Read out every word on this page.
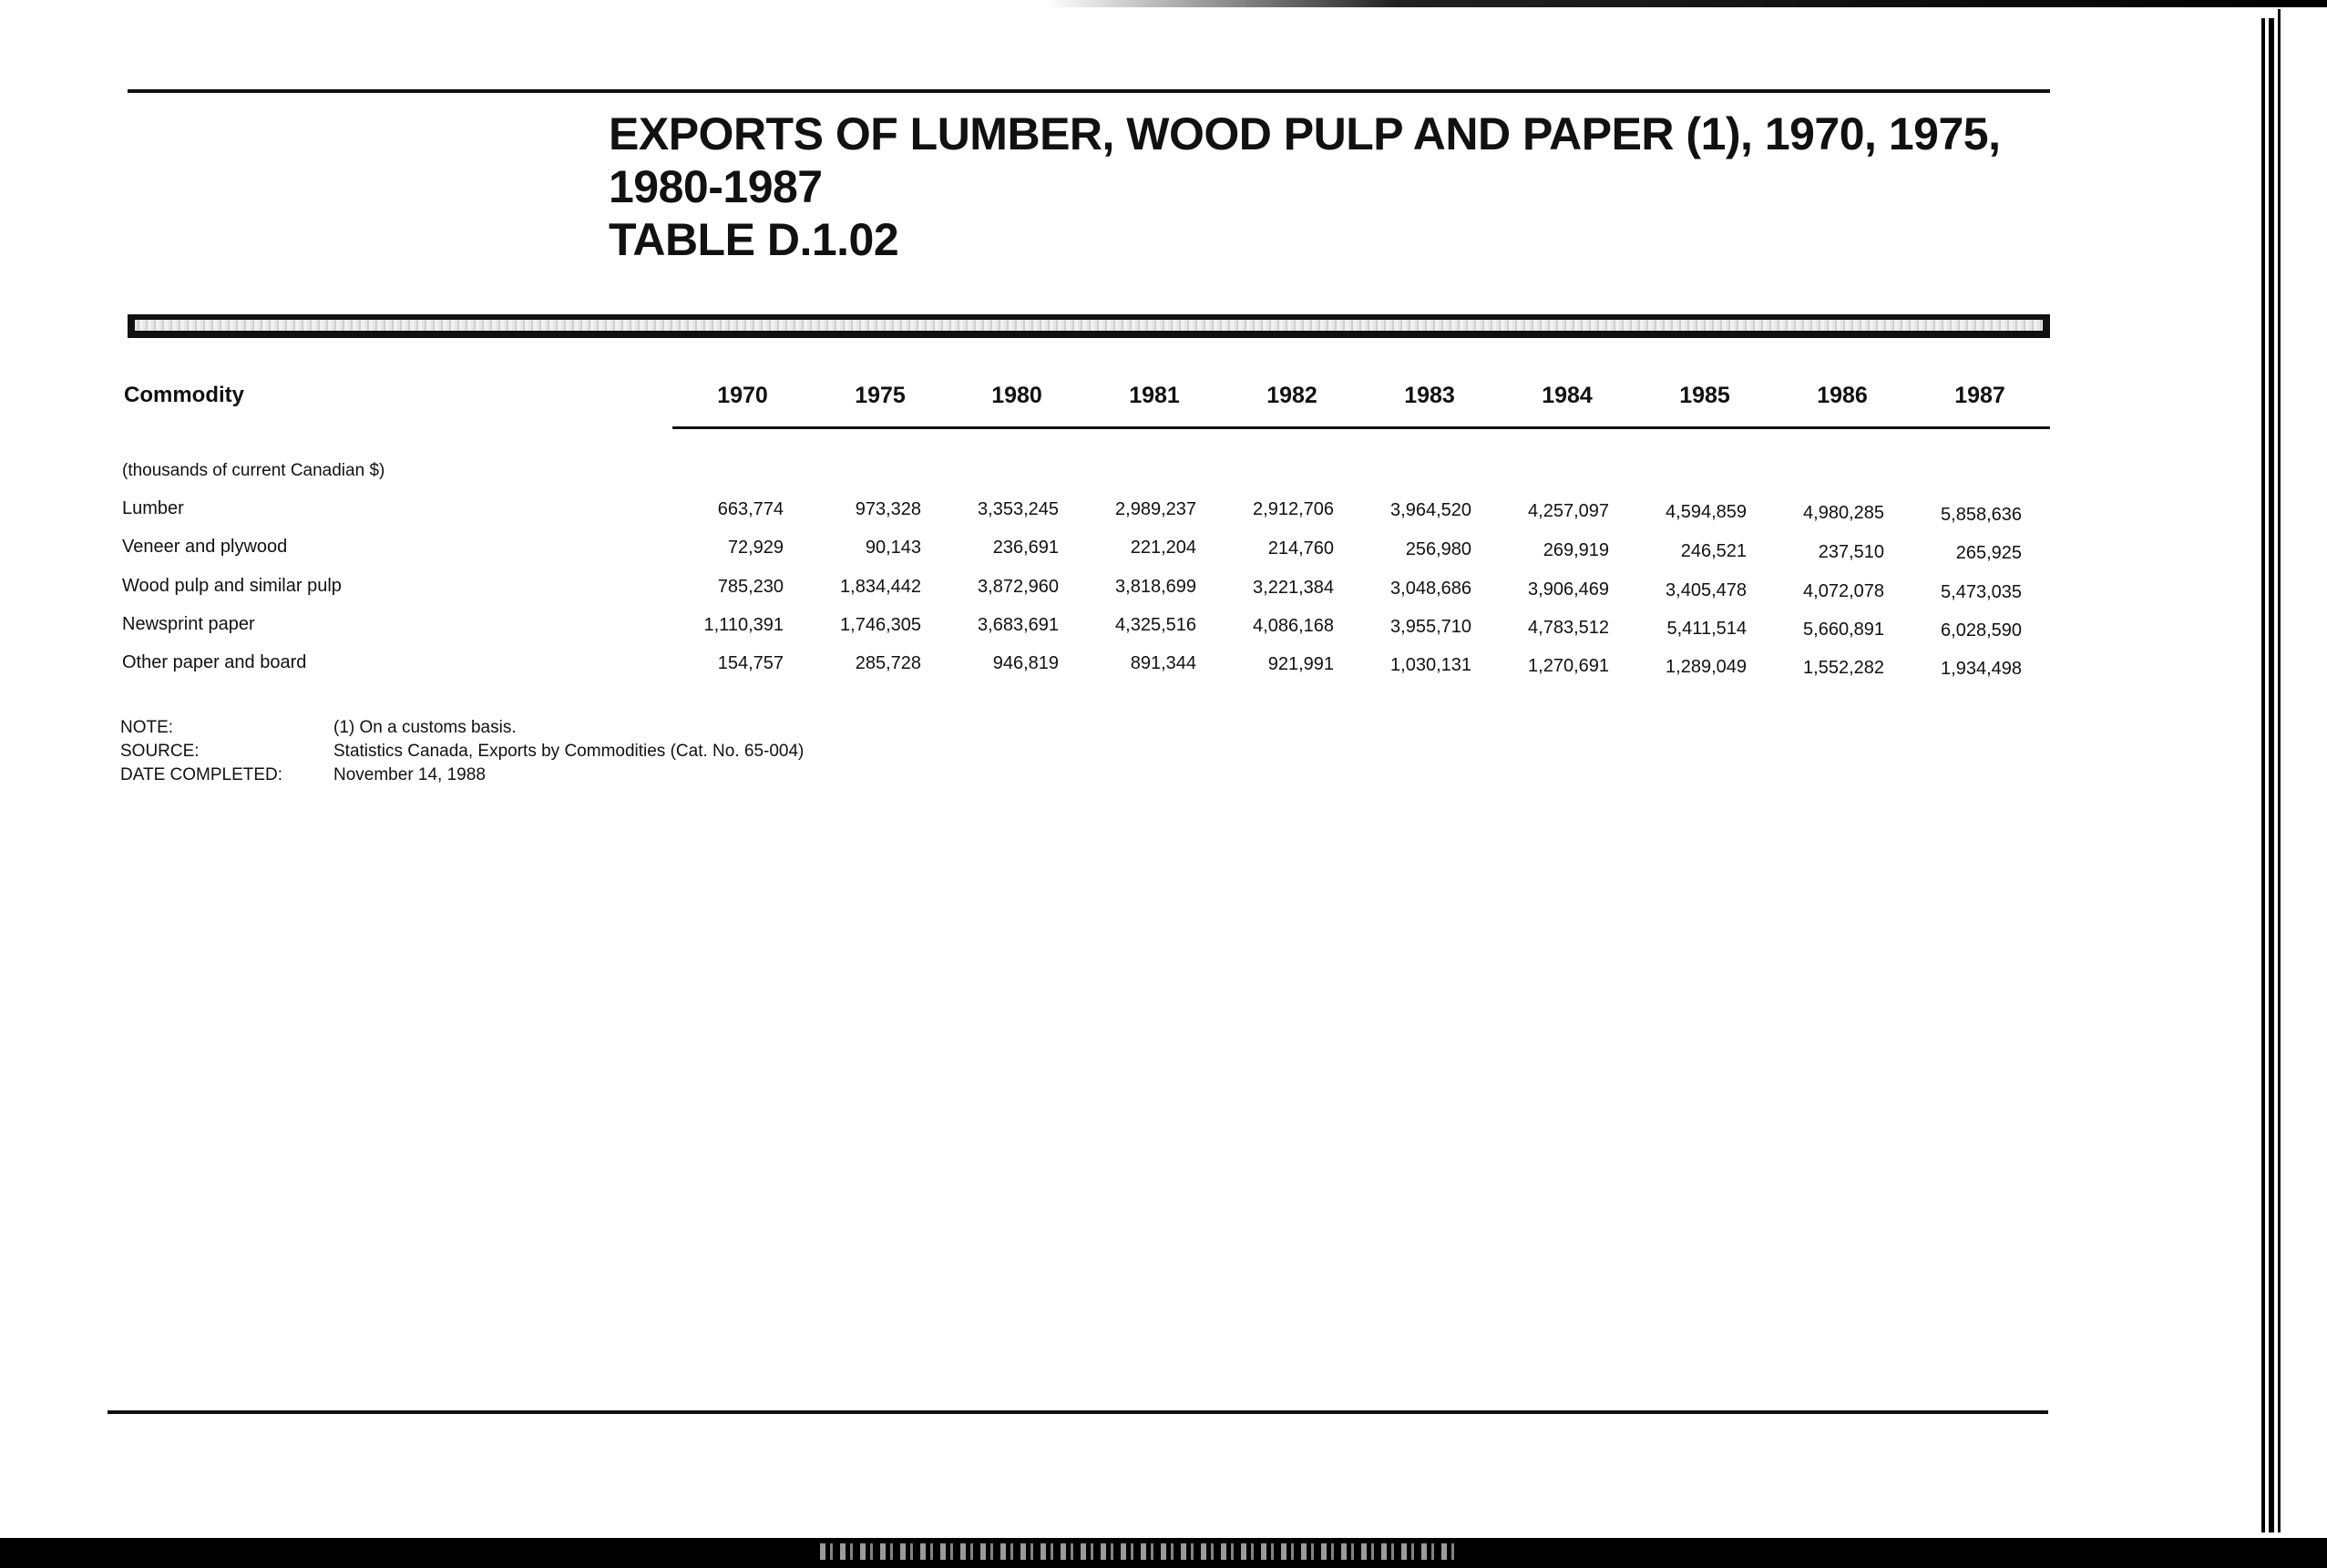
EXPORTS OF LUMBER, WOOD PULP AND PAPER (1), 1970, 1975,
1980-1987
TABLE D.1.02
Commodity	1970	1975	1980	1981	1982	1983	1984	1985	1986	1987
(thousands of current Canadian $)
Lumber	663,774	973,328	3,353,245	2,989,237	2,912,706	3,964,520	4,257,097	4,594,859	4,980,285	5,858,636
Veneer and plywood	72,929	90,143	236,691	221,204	214,760	256,980	269,919	246,521	237,510	265,925
Wood pulp and similar pulp	785,230	1,834,442	3,872,960	3,818,699	3,221,384	3,048,686	3,906,469	3,405,478	4,072,078	5,473,035
Newsprint paper	1,110,391	1,746,305	3,683,691	4,325,516	4,086,168	3,955,710	4,783,512	5,411,514	5,660,891	6,028,590
Other paper and board	154,757	285,728	946,819	891,344	921,991	1,030,131	1,270,691	1,289,049	1,552,282	1,934,498
NOTE:	(1) On a customs basis.
SOURCE:	Statistics Canada, Exports by Commodities (Cat. No. 65-004)
DATE COMPLETED:	November 14, 1988
